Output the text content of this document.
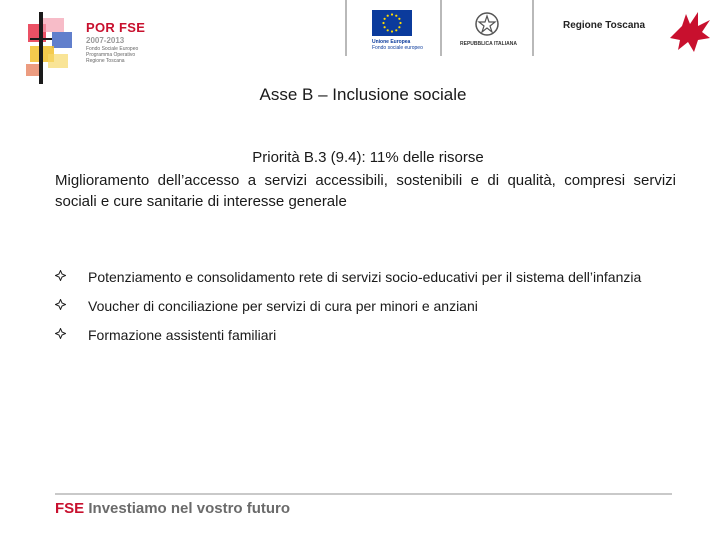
POR FSE
2007-2013
Fondo Sociale Europeo
Programma Operativo
Regione Toscana
Unione Europea
Fondo sociale europeo
REPUBBLICA ITALIANA
Regione Toscana
Asse B – Inclusione sociale
Priorità B.3 (9.4): 11% delle risorse
Miglioramento dell’accesso a servizi accessibili, sostenibili e di qualità, compresi servizi sociali e cure sanitarie di interesse generale
Potenziamento e consolidamento rete di servizi socio-educativi per il sistema dell’infanzia
Voucher di conciliazione per servizi di cura per minori e anziani
Formazione assistenti familiari
FSE Investiamo nel vostro futuro
